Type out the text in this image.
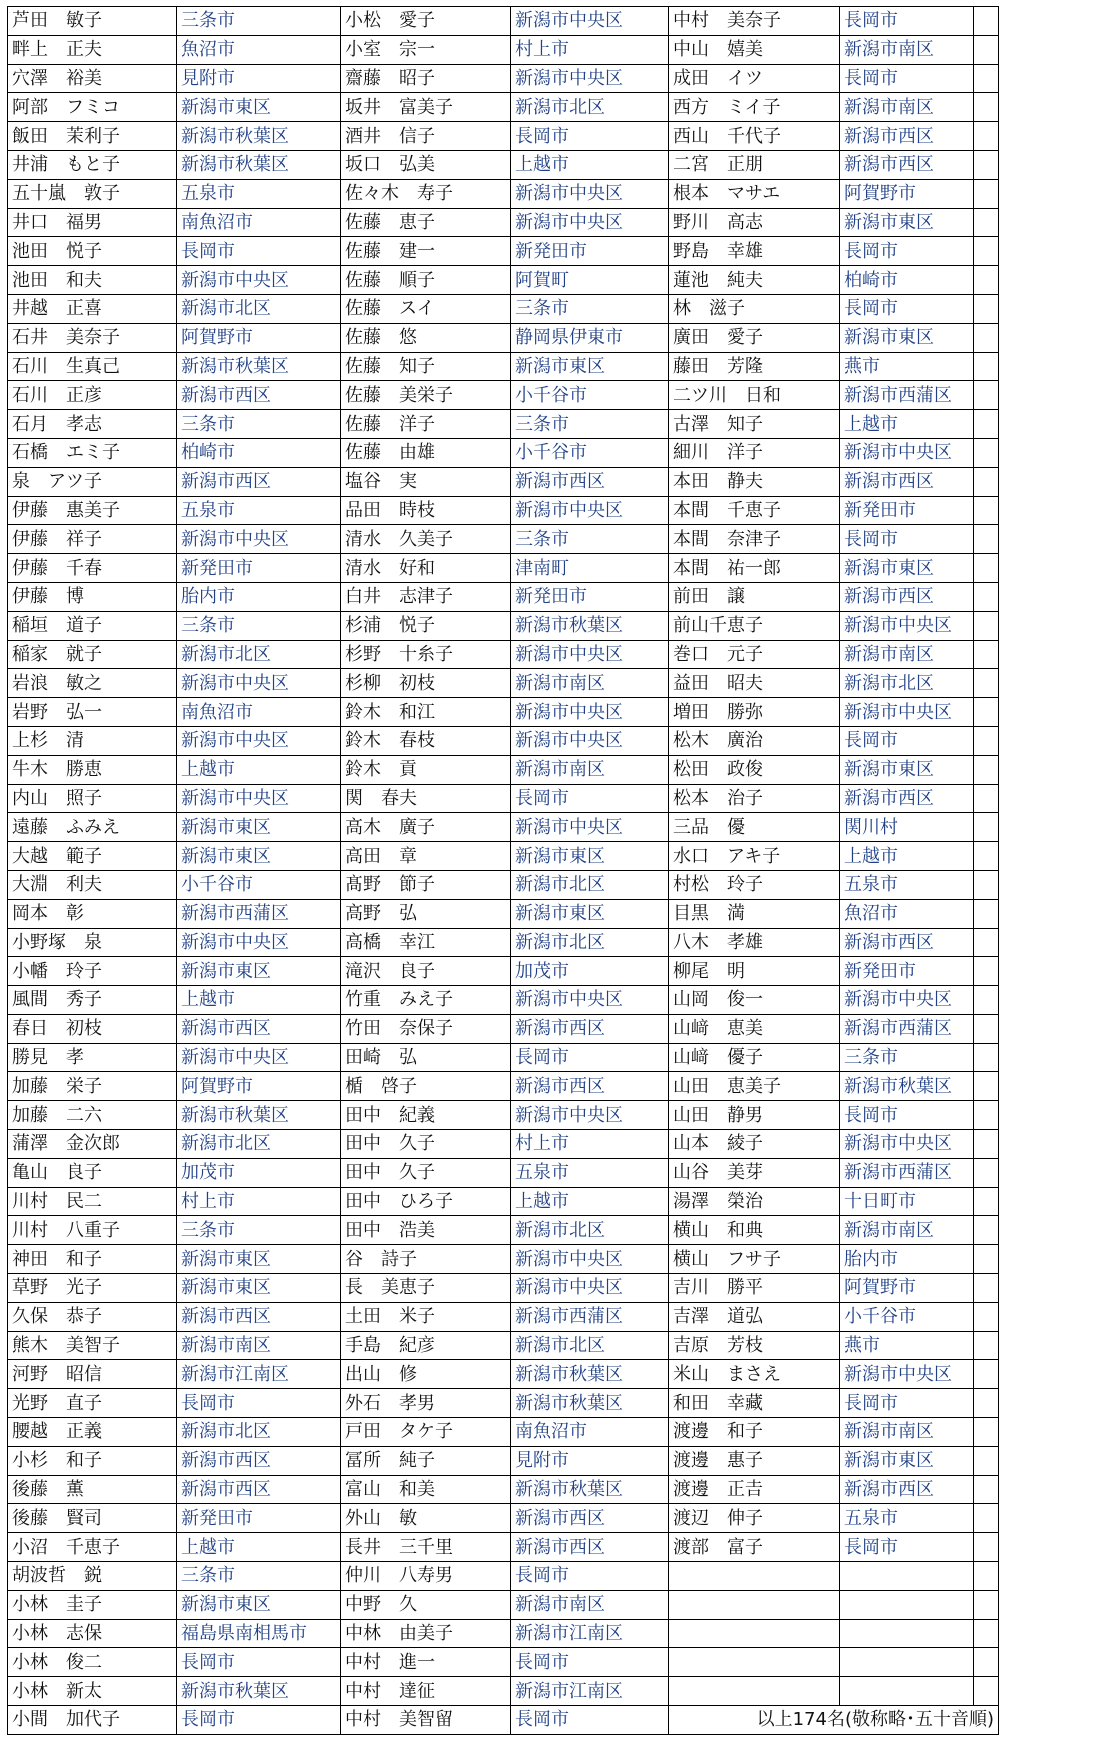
芦田　敏子	三条市	小松　愛子	新潟市中央区	中村　美奈子	長岡市	
畔上　正夫	魚沼市	小室　宗一	村上市	中山　嬉美	新潟市南区	
穴澤　裕美	見附市	齋藤　昭子	新潟市中央区	成田　イツ	長岡市	
阿部　フミコ	新潟市東区	坂井　富美子	新潟市北区	西方　ミイ子	新潟市南区	
飯田　茉利子	新潟市秋葉区	酒井　信子	長岡市	西山　千代子	新潟市西区	
井浦　もと子	新潟市秋葉区	坂口　弘美	上越市	二宮　正朋	新潟市西区	
五十嵐　敦子	五泉市	佐々木　寿子	新潟市中央区	根本　マサエ	阿賀野市	
井口　福男	南魚沼市	佐藤　恵子	新潟市中央区	野川　高志	新潟市東区	
池田　悦子	長岡市	佐藤　建一	新発田市	野島　幸雄	長岡市	
池田　和夫	新潟市中央区	佐藤　順子	阿賀町	蓮池　純夫	柏崎市	
井越　正喜	新潟市北区	佐藤　スイ	三条市	林　滋子	長岡市	
石井　美奈子	阿賀野市	佐藤　悠	静岡県伊東市	廣田　愛子	新潟市東区	
石川　生真己	新潟市秋葉区	佐藤　知子	新潟市東区	藤田　芳隆	燕市	
石川　正彦	新潟市西区	佐藤　美栄子	小千谷市	二ツ川　日和	新潟市西蒲区	
石月　孝志	三条市	佐藤　洋子	三条市	古澤　知子	上越市	
石橋　エミ子	柏崎市	佐藤　由雄	小千谷市	細川　洋子	新潟市中央区	
泉　アツ子	新潟市西区	塩谷　実	新潟市西区	本田　静夫	新潟市西区	
伊藤　惠美子	五泉市	品田　時枝	新潟市中央区	本間　千恵子	新発田市	
伊藤　祥子	新潟市中央区	清水　久美子	三条市	本間　奈津子	長岡市	
伊藤　千春	新発田市	清水　好和	津南町	本間　祐一郎	新潟市東区	
伊藤　博	胎内市	白井　志津子	新発田市	前田　譲	新潟市西区	
稲垣　道子	三条市	杉浦　悦子	新潟市秋葉区	前山千恵子	新潟市中央区	
稲家　就子	新潟市北区	杉野　十糸子	新潟市中央区	巻口　元子	新潟市南区	
岩浪　敏之	新潟市中央区	杉柳　初枝	新潟市南区	益田　昭夫	新潟市北区	
岩野　弘一	南魚沼市	鈴木　和江	新潟市中央区	増田　勝弥	新潟市中央区	
上杉　清	新潟市中央区	鈴木　春枝	新潟市中央区	松木　廣治	長岡市	
牛木　勝恵	上越市	鈴木　貢	新潟市南区	松田　政俊	新潟市東区	
内山　照子	新潟市中央区	関　春夫	長岡市	松本　治子	新潟市西区	
遠藤　ふみえ	新潟市東区	高木　廣子	新潟市中央区	三品　優	関川村	
大越　範子	新潟市東区	高田　章	新潟市東区	水口　アキ子	上越市	
大淵　利夫	小千谷市	髙野　節子	新潟市北区	村松　玲子	五泉市	
岡本　彰	新潟市西蒲区	高野　弘	新潟市東区	目黒　満	魚沼市	
小野塚　泉	新潟市中央区	高橋　幸江	新潟市北区	八木　孝雄	新潟市西区	
小幡　玲子	新潟市東区	滝沢　良子	加茂市	柳尾　明	新発田市	
風間　秀子	上越市	竹重　みえ子	新潟市中央区	山岡　俊一	新潟市中央区	
春日　初枝	新潟市西区	竹田　奈保子	新潟市西区	山﨑　恵美	新潟市西蒲区	
勝見　孝	新潟市中央区	田崎　弘	長岡市	山﨑　優子	三条市	
加藤　栄子	阿賀野市	楯　啓子	新潟市西区	山田　恵美子	新潟市秋葉区	
加藤　二六	新潟市秋葉区	田中　紀義	新潟市中央区	山田　静男	長岡市	
蒲澤　金次郎	新潟市北区	田中　久子	村上市	山本　綾子	新潟市中央区	
亀山　良子	加茂市	田中　久子	五泉市	山谷　美芽	新潟市西蒲区	
川村　民二	村上市	田中　ひろ子	上越市	湯澤　榮治	十日町市	
川村　八重子	三条市	田中　浩美	新潟市北区	横山　和典	新潟市南区	
神田　和子	新潟市東区	谷　詩子	新潟市中央区	横山　フサ子	胎内市	
草野　光子	新潟市東区	長　美恵子	新潟市中央区	吉川　勝平	阿賀野市	
久保　恭子	新潟市西区	土田　米子	新潟市西蒲区	吉澤　道弘	小千谷市	
熊木　美智子	新潟市南区	手島　紀彦	新潟市北区	吉原　芳枝	燕市	
河野　昭信	新潟市江南区	出山　修	新潟市秋葉区	米山　まさえ	新潟市中央区	
光野　直子	長岡市	外石　孝男	新潟市秋葉区	和田　幸藏	長岡市	
腰越　正義	新潟市北区	戸田　タケ子	南魚沼市	渡邊　和子	新潟市南区	
小杉　和子	新潟市西区	冨所　純子	見附市	渡邊　惠子	新潟市東区	
後藤　薫	新潟市西区	富山　和美	新潟市秋葉区	渡邊　正𠮷	新潟市西区	
後藤　賢司	新発田市	外山　敏	新潟市西区	渡辺　伸子	五泉市	
小沼　千恵子	上越市	長井　三千里	新潟市西区	渡部　富子	長岡市	
胡波哲　鋭	三条市	仲川　八寿男	長岡市			
小林　圭子	新潟市東区	中野　久	新潟市南区			
小林　志保	福島県南相馬市	中林　由美子	新潟市江南区			
小林　俊二	長岡市	中村　進一	長岡市			
小林　新太	新潟市秋葉区	中村　達征	新潟市江南区			
小間　加代子	長岡市	中村　美智留	長岡市	以上174名(敬称略･五十音順)		
